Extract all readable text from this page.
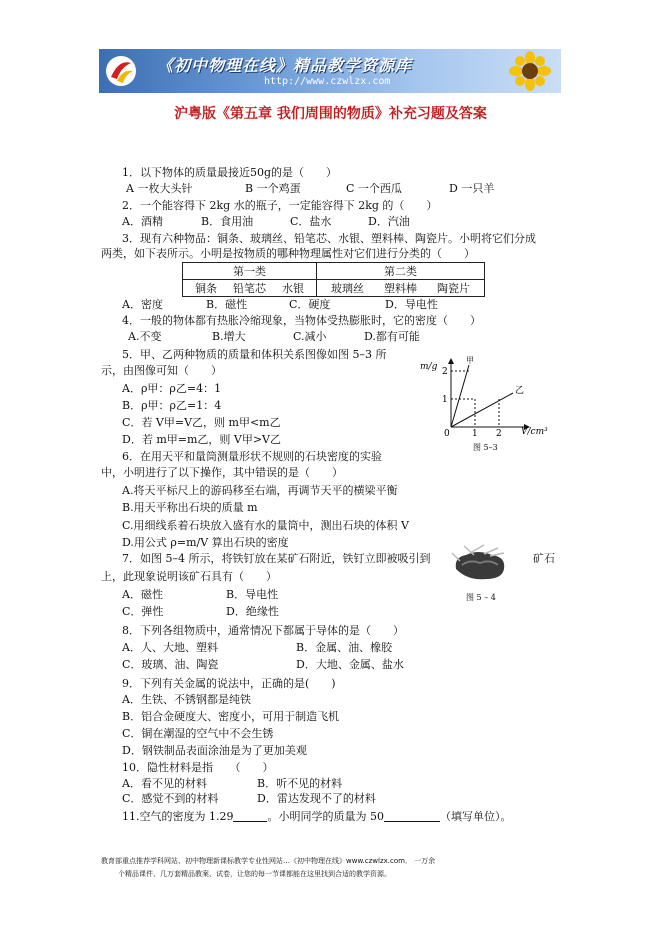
《初中物理在线》精品教学资源库
http://www.czwlzx.com
沪粤版《第五章 我们周围的物质》补充习题及答案
1．以下物体的质量最接近50g的是（　　）
A 一枚大头针	B 一个鸡蛋	C 一个西瓜	D 一只羊
2．一个能容得下 2kg 水的瓶子，一定能容得下 2kg 的（　　）
A．酒精	B．食用油	C．盐水	D．汽油
3．现有六种物品：铜条、玻璃丝、铅笔芯、水银、塑料棒、陶瓷片。小明将它们分成
两类，如下表所示。小明是按物质的哪种物理属性对它们进行分类的（　　）
第一类	第二类

铜条 铅笔芯 水银	玻璃丝 塑料棒 陶瓷片
A．密度	B．磁性	C．硬度	D．导电性
4．一般的物体都有热胀冷缩现象，当物体受热膨胀时，它的密度（　　）
A.不变	B.增大	C.减小	D.都有可能
5．甲、乙两种物质的质量和体积关系图像如图 5–3 所
示，由图像可知（　　）
A．ρ甲：ρ乙=4：1
B．ρ甲：ρ乙=1：4
C．若 V甲=V乙，则 m甲<m乙
D．若 m甲=m乙，则 V甲>V乙
m/g 2
1
0 1 2 V/cm³
甲
乙
图 5–3
6．在用天平和量筒测量形状不规则的石块密度的实验
中，小明进行了以下操作，其中错误的是（　　）
A.将天平标尺上的游码移至右端，再调节天平的横梁平衡
B.用天平称出石块的质量 m
C.用细线系着石块放入盛有水的量筒中，测出石块的体积 V
D.用公式 ρ=m/V 算出石块的密度
7．如图 5–4 所示，将铁钉放在某矿石附近，铁钉立即被吸引到	矿石
上，此现象说明该矿石具有（　　）
图 5 – 4
A．磁性	B．导电性
C．弹性	D．绝缘性
8．下列各组物质中，通常情况下都属于导体的是（　　）
A．人、大地、塑料	B．金属、油、橡胶
C．玻璃、油、陶瓷	D．大地、金属、盐水
9．下列有关金属的说法中，正确的是(　　)
A．生铁、不锈钢都是纯铁
B．铝合金硬度大、密度小，可用于制造飞机
C．铜在潮湿的空气中不会生锈
D．钢铁制品表面涂油是为了更加美观
10．隐性材料是指　　（　　）
A．看不见的材料	B．听不见的材料
C．感觉不到的材料	D．雷达发现不了的材料
11.空气的密度为 1.29	。小明同学的质量为 50	（填写单位）。
教育部重点推荐学科网站、初中物理新课标教学专业性网站…《初中物理在线》www.czwlzx.com． 一万余
个精品课件、几万套精品教案、试卷，让您的每一节课都能在这里找到合适的教学资源。
